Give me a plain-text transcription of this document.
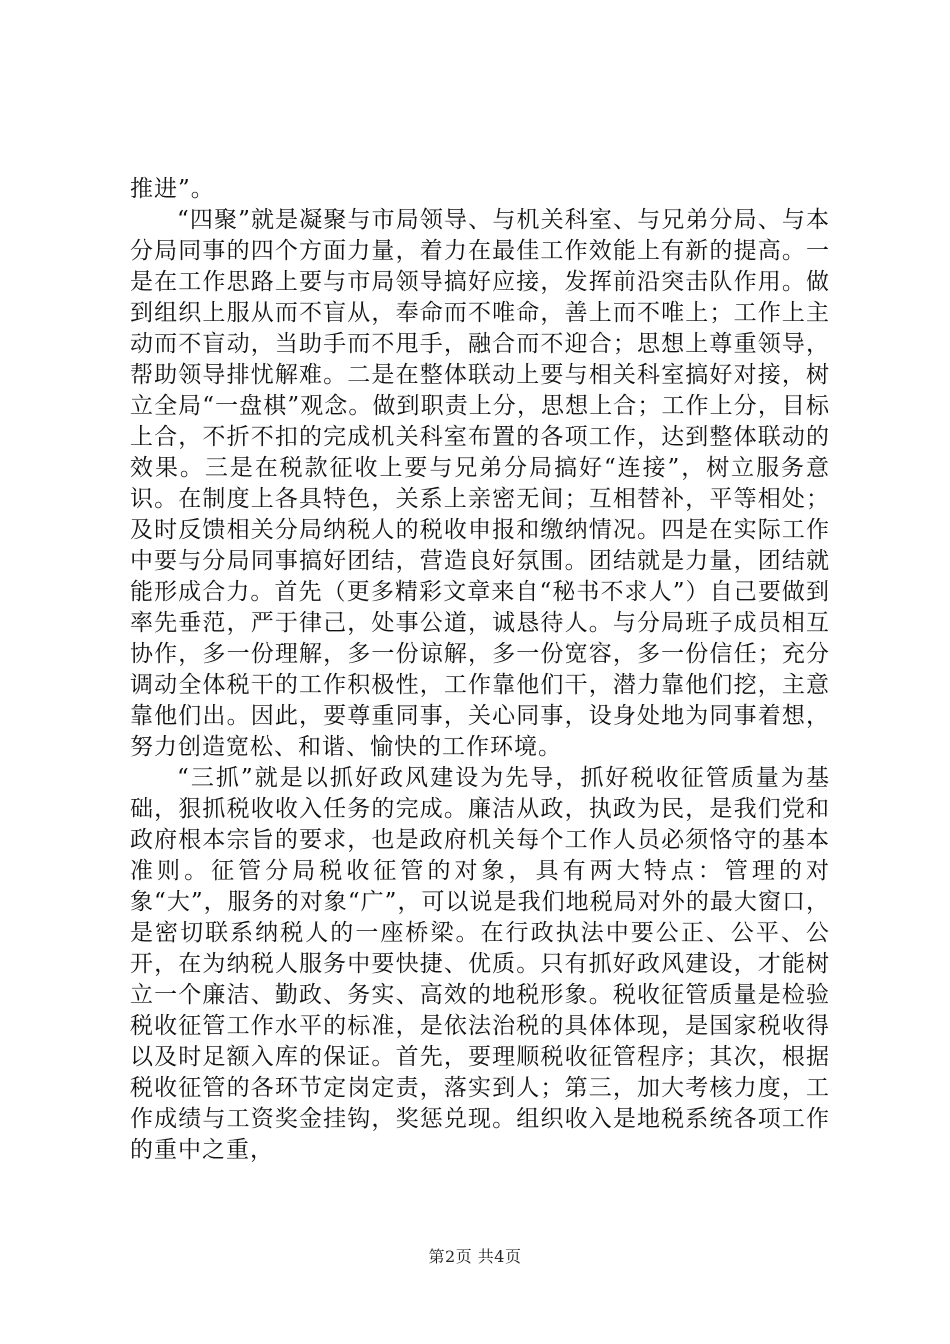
推进”。

“四聚”就是凝聚与市局领导、与机关科室、与兄弟分局、与本分局同事的四个方面力量，着力在最佳工作效能上有新的提高。一是在工作思路上要与市局领导搞好应接，发挥前沿突击队作用。做到组织上服从而不盲从，奉命而不唯命，善上而不唯上；工作上主动而不盲动，当助手而不甩手，融合而不迎合；思想上尊重领导，帮助领导排忧解难。二是在整体联动上要与相关科室搞好对接，树立全局“一盘棋”观念。做到职责上分，思想上合；工作上分，目标上合，不折不扣的完成机关科室布置的各项工作，达到整体联动的效果。三是在税款征收上要与兄弟分局搞好“连接”，树立服务意识。在制度上各具特色，关系上亲密无间；互相替补，平等相处；及时反馈相关分局纳税人的税收申报和缴纳情况。四是在实际工作中要与分局同事搞好团结，营造良好氛围。团结就是力量，团结就能形成合力。首先（更多精彩文章来自“秘书不求人”）自己要做到率先垂范，严于律己，处事公道，诚恳待人。与分局班子成员相互协作，多一份理解，多一份谅解，多一份宽容，多一份信任；充分调动全体税干的工作积极性，工作靠他们干，潜力靠他们挖，主意靠他们出。因此，要尊重同事，关心同事，设身处地为同事着想，努力创造宽松、和谐、愉快的工作环境。

“三抓”就是以抓好政风建设为先导，抓好税收征管质量为基础，狠抓税收收入任务的完成。廉洁从政，执政为民，是我们党和政府根本宗旨的要求，也是政府机关每个工作人员必须恪守的基本准则。征管分局税收征管的对象，具有两大特点：管理的对象“大”，服务的对象“广”，可以说是我们地税局对外的最大窗口，是密切联系纳税人的一座桥梁。在行政执法中要公正、公平、公开，在为纳税人服务中要快捷、优质。只有抓好政风建设，才能树立一个廉洁、勤政、务实、高效的地税形象。税收征管质量是检验税收征管工作水平的标准，是依法治税的具体体现，是国家税收得以及时足额入库的保证。首先，要理顺税收征管程序；其次，根据税收征管的各环节定岗定责，落实到人；第三，加大考核力度，工作成绩与工资奖金挂钩，奖惩兑现。组织收入是地税系统各项工作的重中之重，

第2页 共4页
